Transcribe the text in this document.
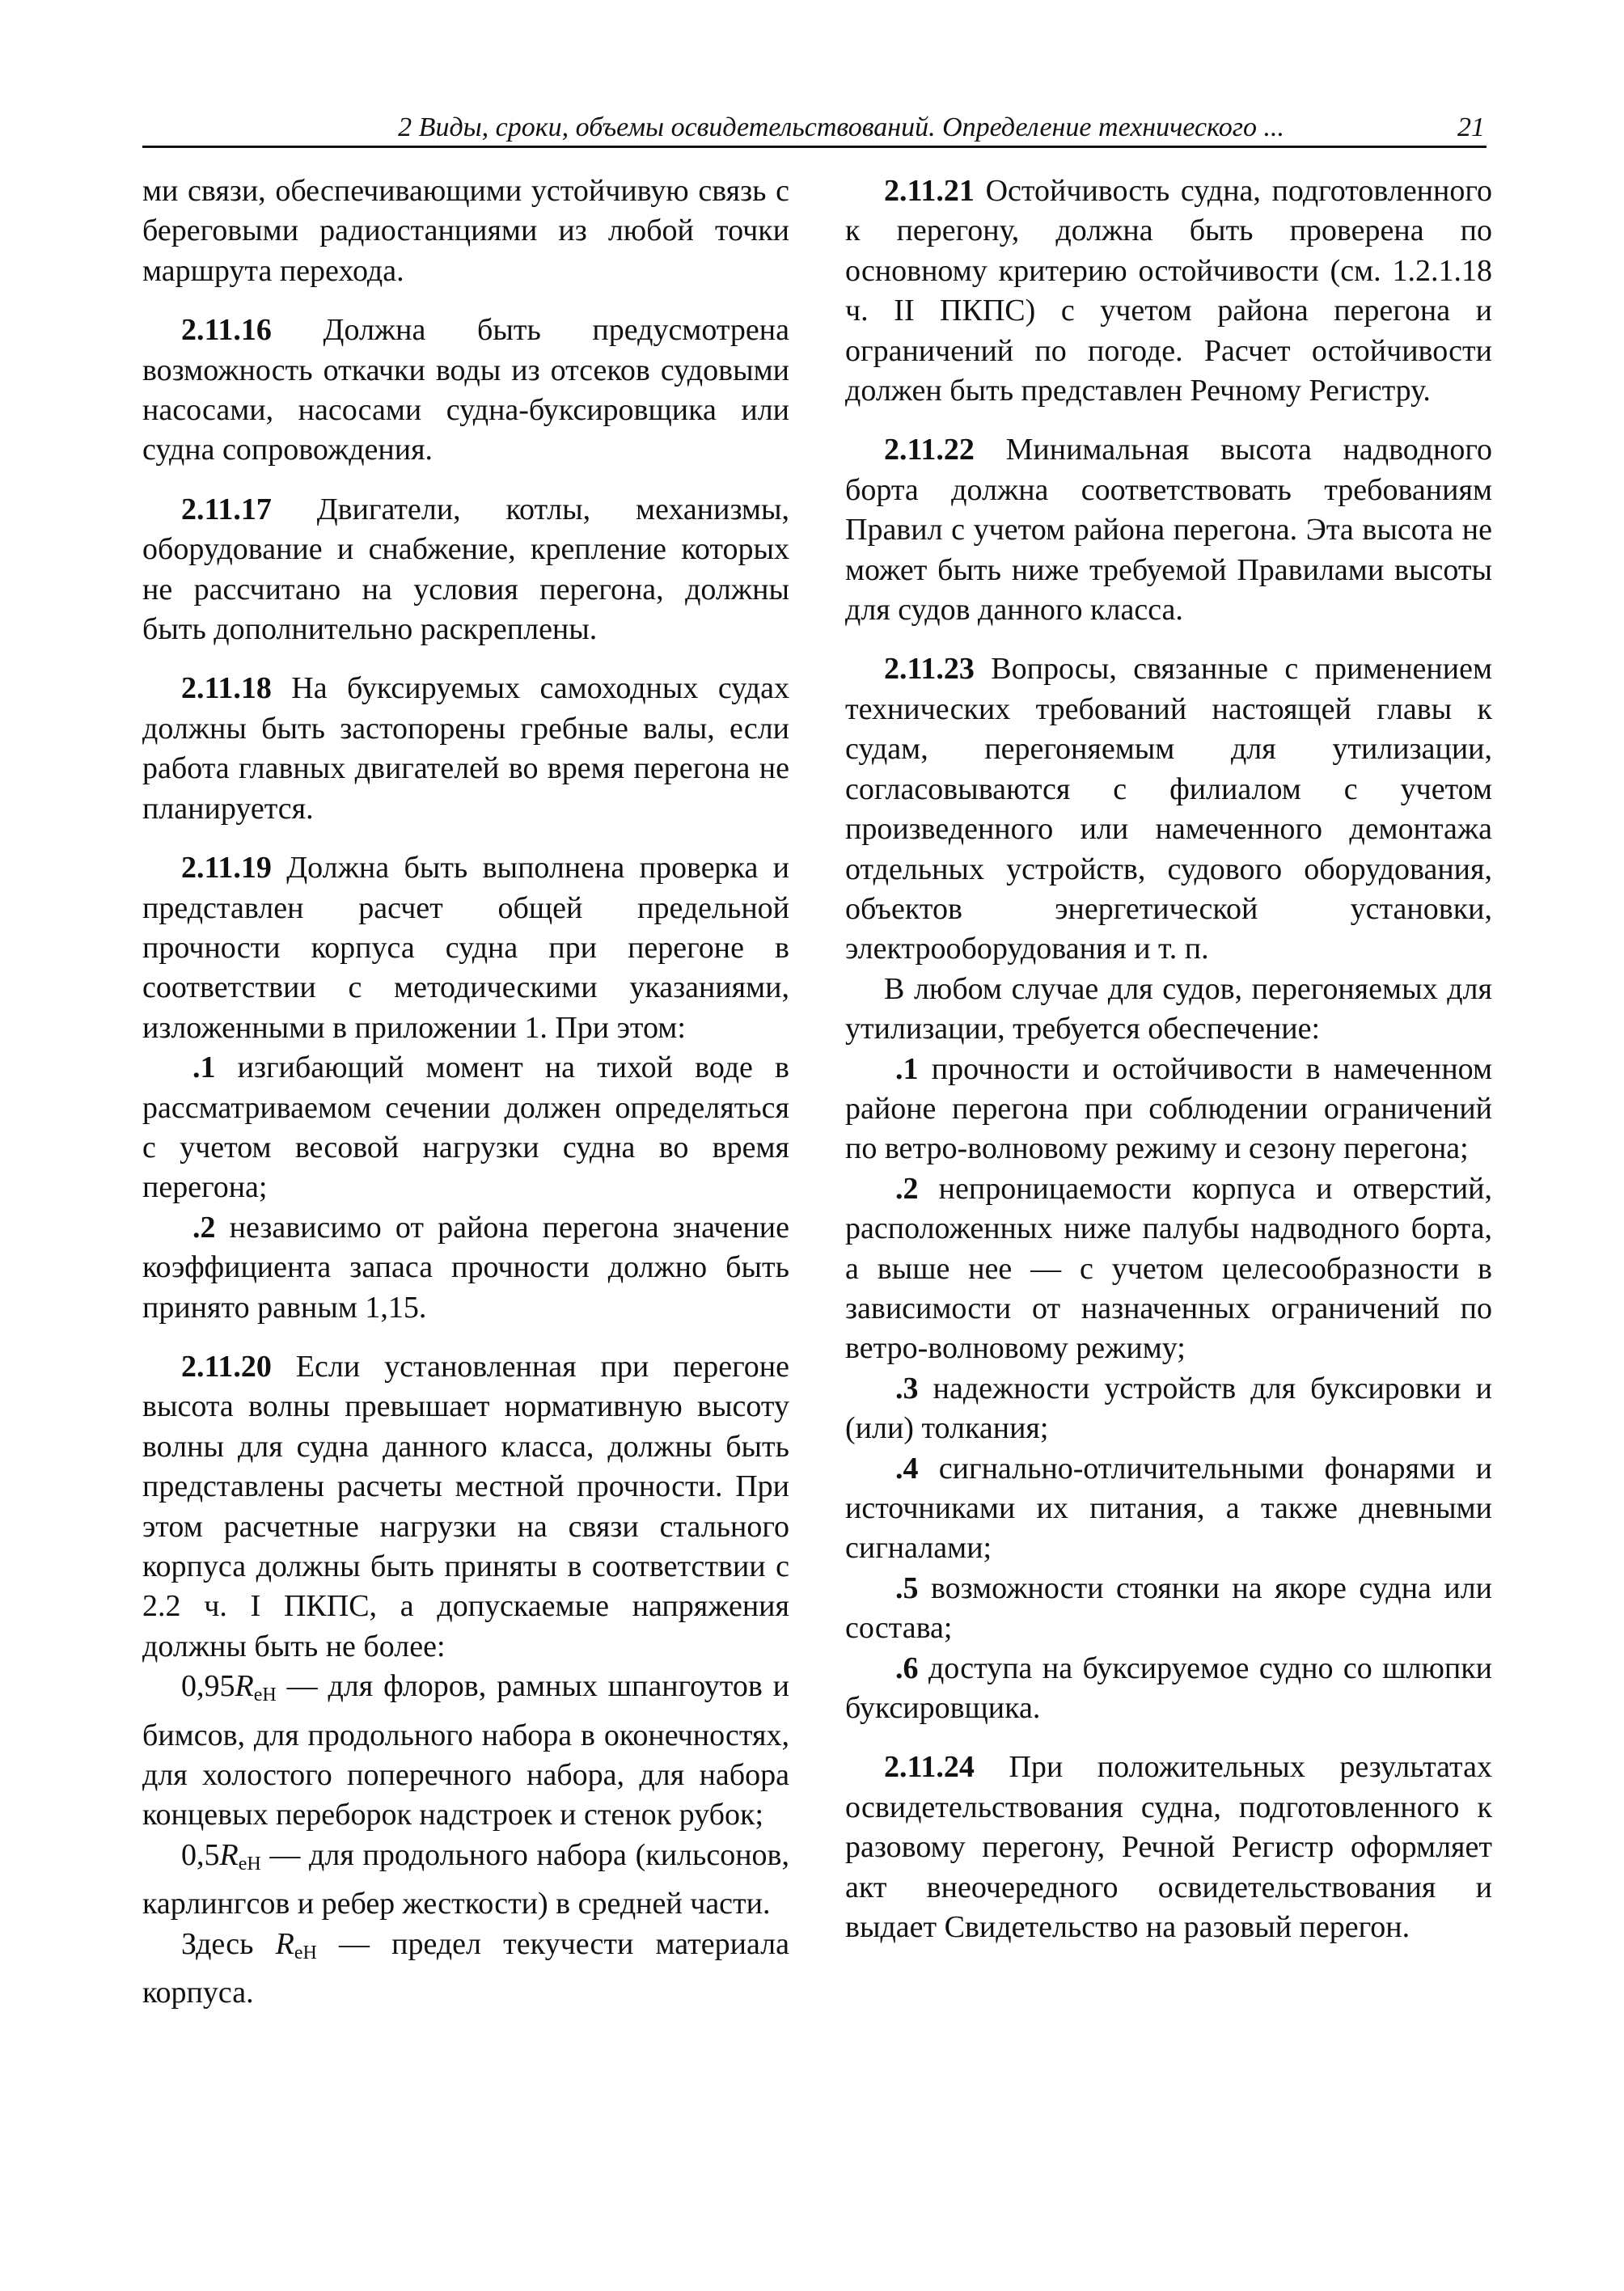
2 Виды, сроки, объемы освидетельствований. Определение технического ...	21

ми связи, обеспечивающими устойчивую связь с береговыми радиостанциями из любой точки маршрута перехода.

2.11.16 Должна быть предусмотрена возможность откачки воды из отсеков судовыми насосами, насосами судна-буксировщика или судна сопровождения.

2.11.17 Двигатели, котлы, механизмы, оборудование и снабжение, крепление которых не рассчитано на условия перегона, должны быть дополнительно раскреплены.

2.11.18 На буксируемых самоходных судах должны быть застопорены гребные валы, если работа главных двигателей во время перегона не планируется.

2.11.19 Должна быть выполнена проверка и представлен расчет общей предельной прочности корпуса судна при перегоне в соответствии с методическими указаниями, изложенными в приложении 1. При этом:

.1 изгибающий момент на тихой воде в рассматриваемом сечении должен определяться с учетом весовой нагрузки судна во время перегона;

.2 независимо от района перегона значение коэффициента запаса прочности должно быть принято равным 1,15.

2.11.20 Если установленная при перегоне высота волны превышает нормативную высоту волны для судна данного класса, должны быть представлены расчеты местной прочности. При этом расчетные нагрузки на связи стального корпуса должны быть приняты в соответствии с 2.2 ч. I ПКПС, а допускаемые напряжения должны быть не более:

$0,95R_{eH}$ — для флоров, рамных шпангоутов и бимсов, для продольного набора в оконечностях, для холостого поперечного набора, для набора концевых переборок надстроек и стенок рубок;

$0,5R_{eH}$ — для продольного набора (кильсонов, карлингсов и ребер жесткости) в средней части.

Здесь $R_{eH}$ — предел текучести материала корпуса.

2.11.21 Остойчивость судна, подготовленного к перегону, должна быть проверена по основному критерию остойчивости (см. 1.2.1.18 ч. II ПКПС) с учетом района перегона и ограничений по погоде. Расчет остойчивости должен быть представлен Речному Регистру.

2.11.22 Минимальная высота надводного борта должна соответствовать требованиям Правил с учетом района перегона. Эта высота не может быть ниже требуемой Правилами высоты для судов данного класса.

2.11.23 Вопросы, связанные с применением технических требований настоящей главы к судам, перегоняемым для утилизации, согласовываются с филиалом с учетом произведенного или намеченного демонтажа отдельных устройств, судового оборудования, объектов энергетической установки, электрооборудования и т. п.

В любом случае для судов, перегоняемых для утилизации, требуется обеспечение:

.1 прочности и остойчивости в намеченном районе перегона при соблюдении ограничений по ветро-волновому режиму и сезону перегона;

.2 непроницаемости корпуса и отверстий, расположенных ниже палубы надводного борта, а выше нее — с учетом целесообразности в зависимости от назначенных ограничений по ветро-волновому режиму;

.3 надежности устройств для буксировки и (или) толкания;

.4 сигнально-отличительными фонарями и источниками их питания, а также дневными сигналами;

.5 возможности стоянки на якоре судна или состава;

.6 доступа на буксируемое судно со шлюпки буксировщика.

2.11.24 При положительных результатах освидетельствования судна, подготовленного к разовому перегону, Речной Регистр оформляет акт внеочередного освидетельствования и выдает Свидетельство на разовый перегон.
